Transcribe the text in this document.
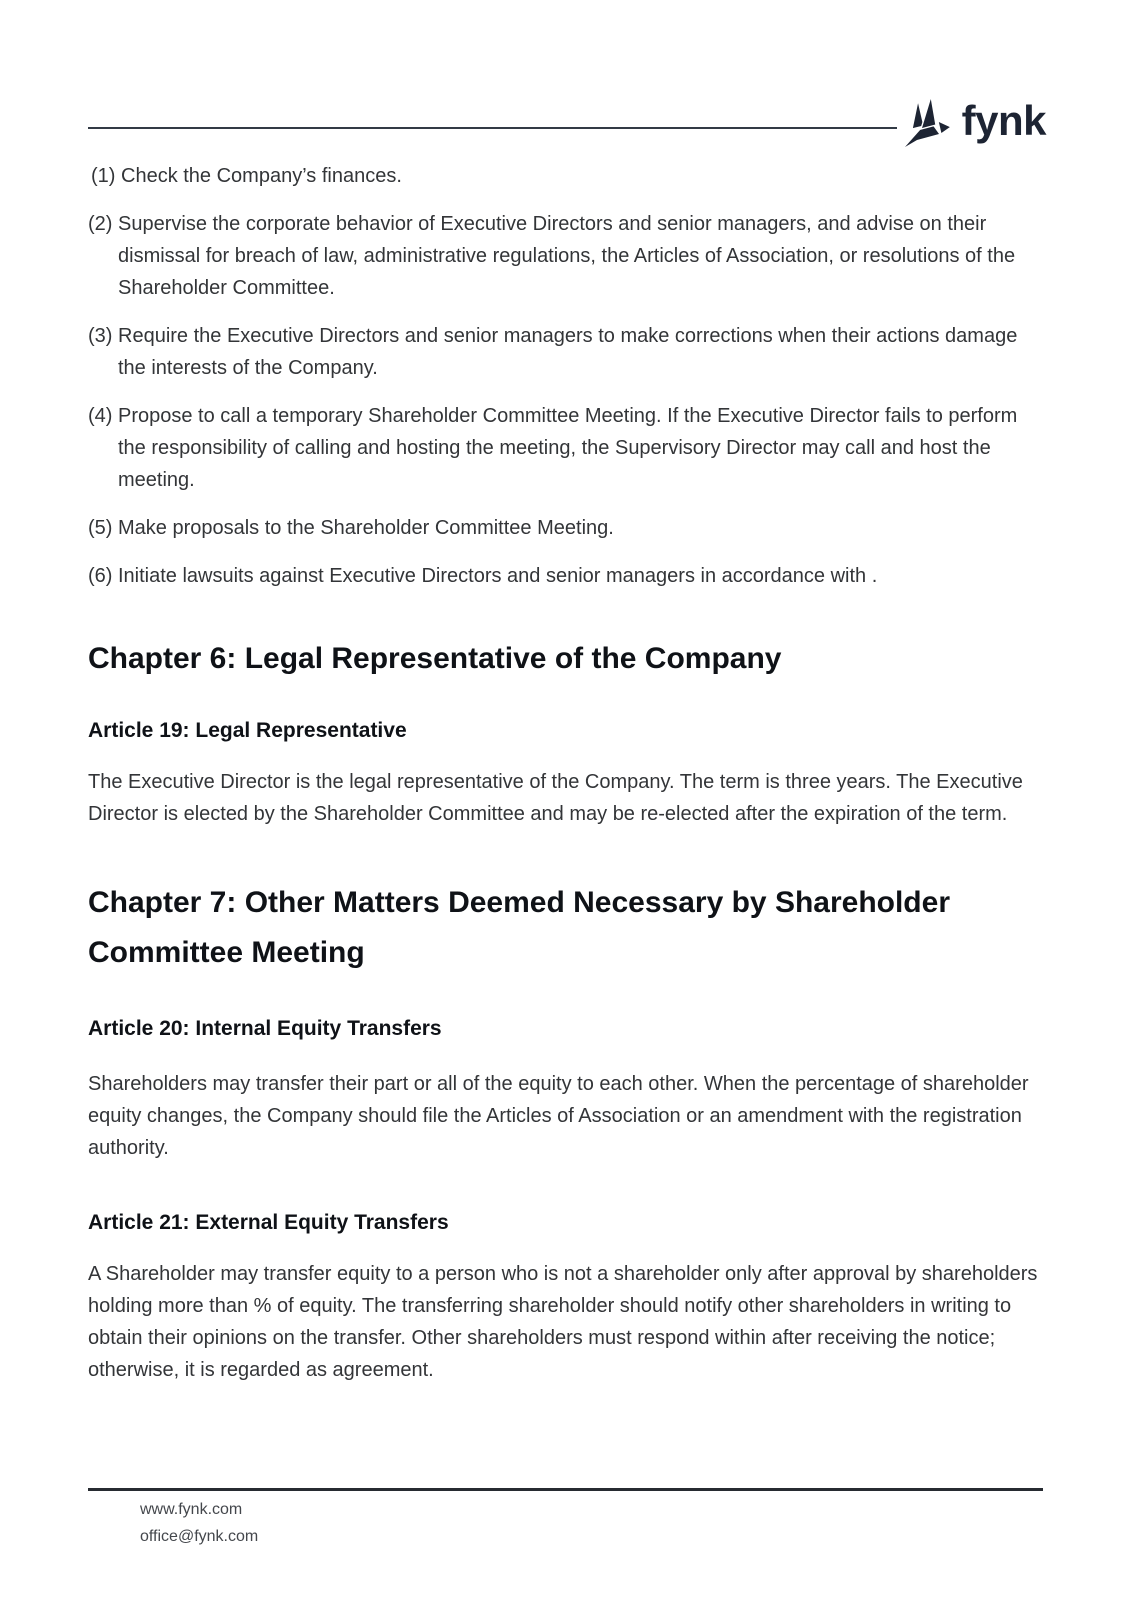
fynk
(1) Check the Company’s finances.
(2) Supervise the corporate behavior of Executive Directors and senior managers, and advise on their dismissal for breach of law, administrative regulations, the Articles of Association, or resolutions of the Shareholder Committee.
(3) Require the Executive Directors and senior managers to make corrections when their actions damage the interests of the Company.
(4) Propose to call a temporary Shareholder Committee Meeting. If the Executive Director fails to perform the responsibility of calling and hosting the meeting, the Supervisory Director may call and host the meeting.
(5) Make proposals to the Shareholder Committee Meeting.
(6) Initiate lawsuits against Executive Directors and senior managers in accordance with .
Chapter 6: Legal Representative of the Company
Article 19: Legal Representative

The Executive Director is the legal representative of the Company. The term is three years. The Executive Director is elected by the Shareholder Committee and may be re-elected after the expiration of the term.

Chapter 7: Other Matters Deemed Necessary by Shareholder Committee Meeting
Article 20: Internal Equity Transfers

Shareholders may transfer their part or all of the equity to each other. When the percentage of shareholder equity changes, the Company should file the Articles of Association or an amendment with the registration authority.

Article 21: External Equity Transfers

A Shareholder may transfer equity to a person who is not a shareholder only after approval by shareholders holding more than % of equity. The transferring shareholder should notify other shareholders in writing to obtain their opinions on the transfer. Other shareholders must respond within after receiving the notice; otherwise, it is regarded as agreement.

www.fynk.com
office@fynk.com
